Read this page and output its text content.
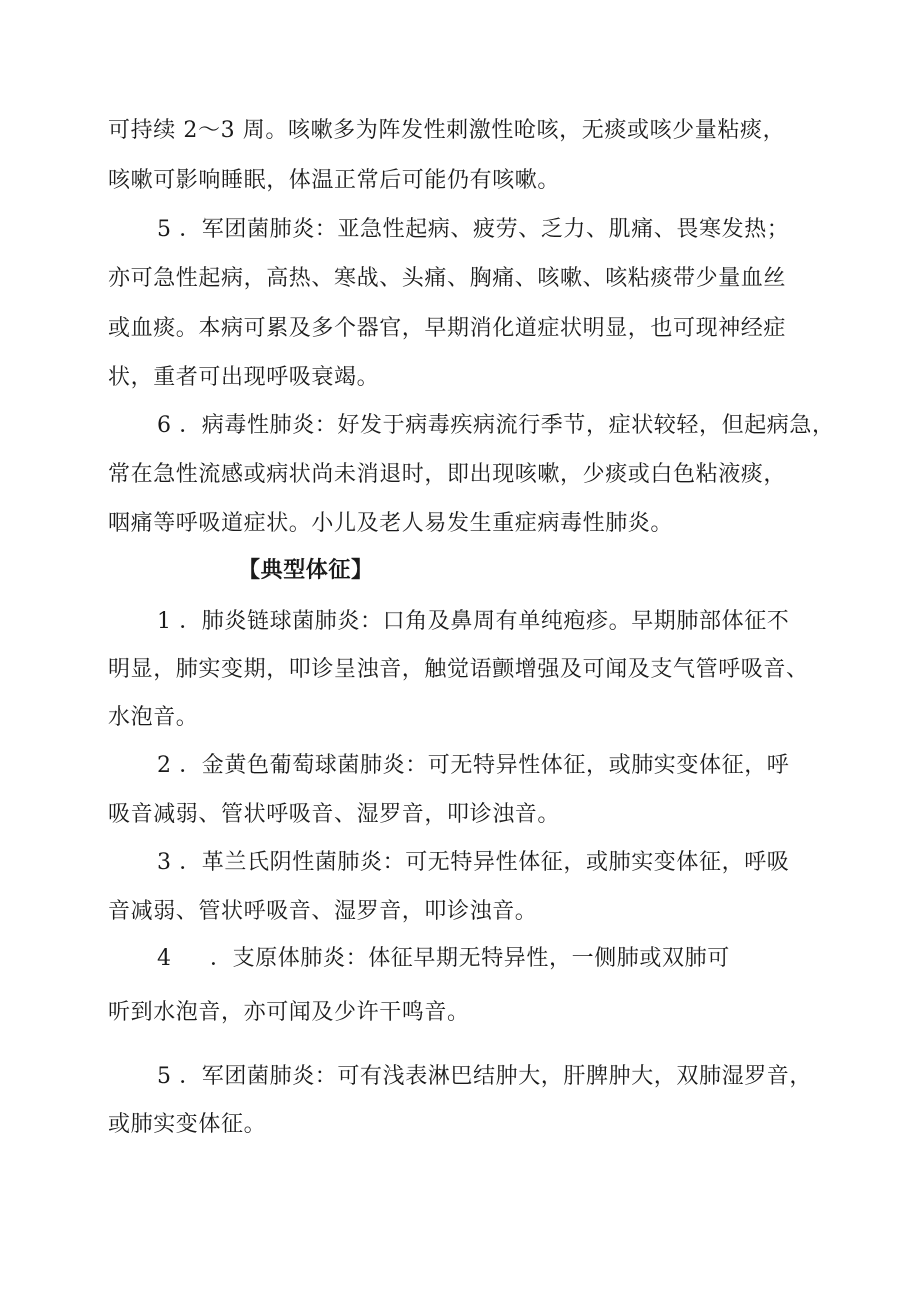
可持续 2～3 周。咳嗽多为阵发性刺激性呛咳，无痰或咳少量粘痰，
咳嗽可影响睡眠，体温正常后可能仍有咳嗽。
5 ．军团菌肺炎：亚急性起病、疲劳、乏力、肌痛、畏寒发热；
亦可急性起病，高热、寒战、头痛、胸痛、咳嗽、咳粘痰带少量血丝
或血痰。本病可累及多个器官，早期消化道症状明显，也可现神经症
状，重者可出现呼吸衰竭。
6 ．病毒性肺炎：好发于病毒疾病流行季节，症状较轻，但起病急，
常在急性流感或病状尚未消退时，即出现咳嗽，少痰或白色粘液痰，
咽痛等呼吸道症状。小儿及老人易发生重症病毒性肺炎。
【典型体征】
1 ．肺炎链球菌肺炎：口角及鼻周有单纯疱疹。早期肺部体征不
明显，肺实变期，叩诊呈浊音，触觉语颤增强及可闻及支气管呼吸音、
水泡音。
2 ．金黄色葡萄球菌肺炎：可无特异性体征，或肺实变体征，呼
吸音减弱、管状呼吸音、湿罗音，叩诊浊音。
3 ．革兰氏阴性菌肺炎：可无特异性体征，或肺实变体征，呼吸
音减弱、管状呼吸音、湿罗音，叩诊浊音。
4 ．支原体肺炎：体征早期无特异性，一侧肺或双肺可
听到水泡音，亦可闻及少许干鸣音。
5 ．军团菌肺炎：可有浅表淋巴结肿大，肝脾肿大，双肺湿罗音，
或肺实变体征。
